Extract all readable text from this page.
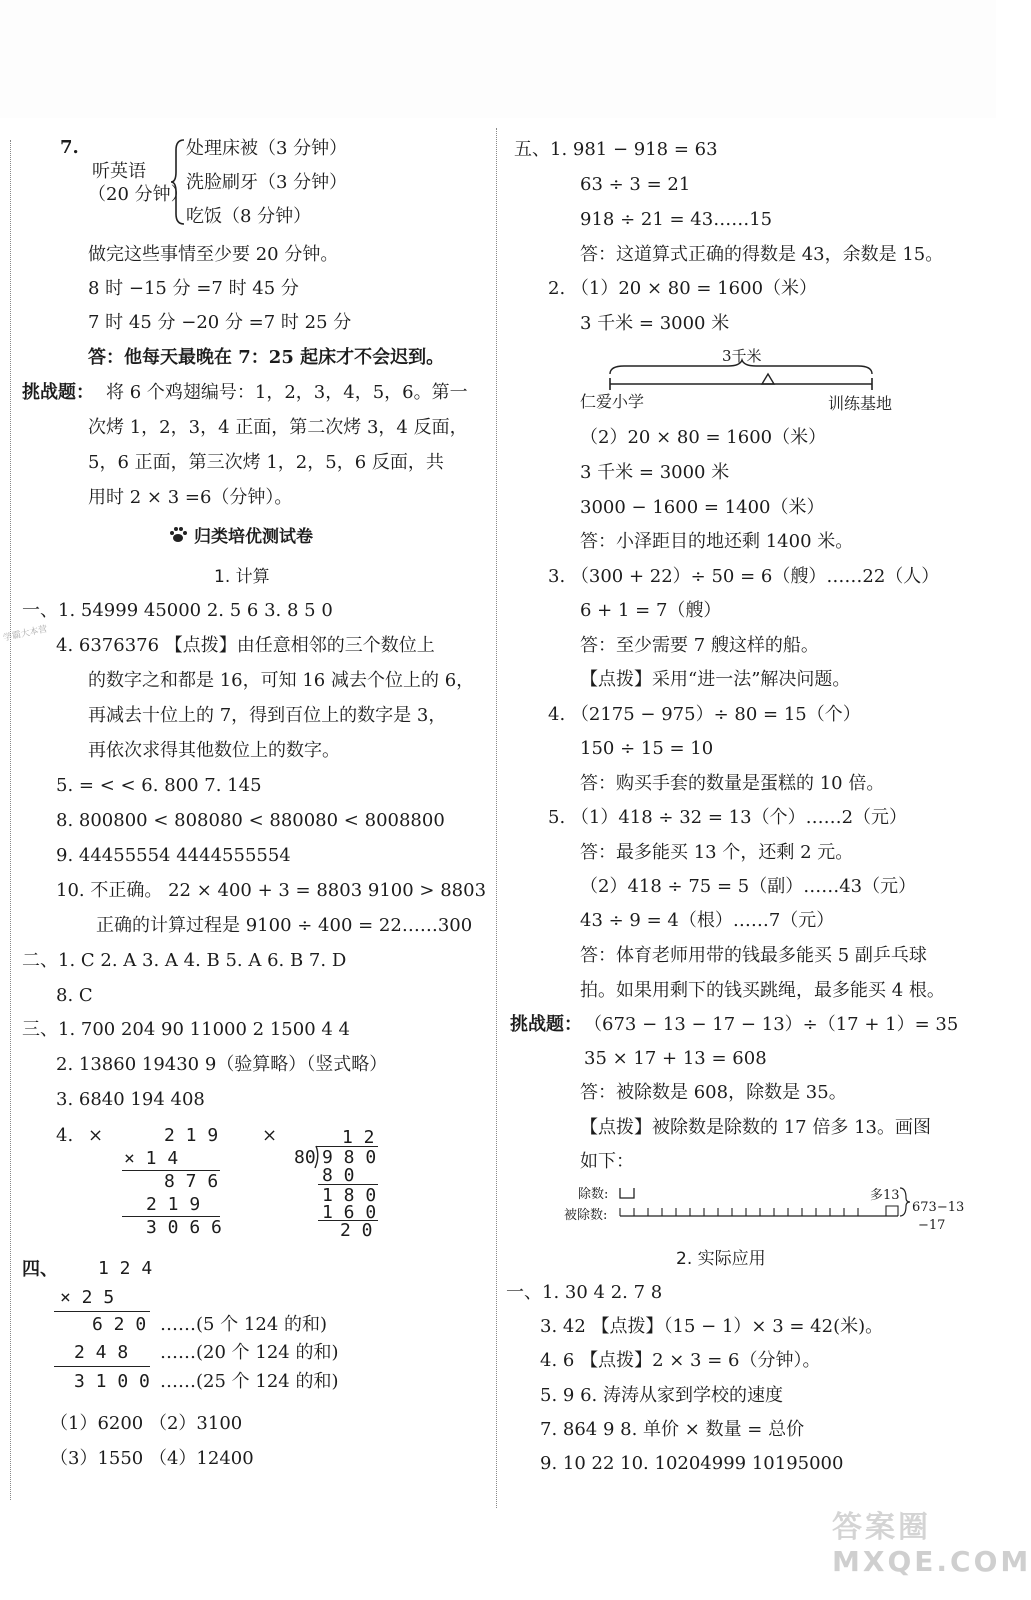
7.
听英语
（20 分钟）
处理床被（3 分钟）
洗脸刷牙（3 分钟）
吃饭（8 分钟）
做完这些事情至少要 20 分钟。
8 时 −15 分 =7 时 45 分
7 时 45 分 −20 分 =7 时 25 分
答：他每天最晚在 7：25 起床才不会迟到。
挑战题： 将 6 个鸡翅编号：1，2，3，4，5，6。第一
次烤 1，2，3，4 正面，第二次烤 3，4 反面，
5，6 正面，第三次烤 1，2，5，6 反面，共
用时 2 × 3 =6（分钟）。
归类培优测试卷
1. 计算
一、1. 54999 45000 2. 5 6 3. 8 5 0
4. 6376376 【点拨】由任意相邻的三个数位上
的数字之和都是 16，可知 16 减去个位上的 6，
再减去十位上的 7，得到百位上的数字是 3，
再依次求得其他数位上的数字。
5. = < < 6. 800 7. 145
8. 800800 < 808080 < 880080 < 8008800
9. 44455554 4444555554
10. 不正确。 22 × 400 + 3 = 8803 9100 > 8803
正确的计算过程是 9100 ÷ 400 = 22……300
二、1. C 2. A 3. A 4. B 5. A 6. B 7. D
8. C
三、1. 700 204 90 11000 2 1500 4 4
2. 13860 19430 9（验算略）（竖式略）
3. 6840 194 408
4. ×	2 1 9
× 1 4
8 7 6
2 1 9
3 0 6 6
×	1 2
80 9 8 0
8 0
1 8 0
1 6 0
2 0
四、 1 2 4
× 2 5
6 2 0 ……(5 个 124 的和)
2 4 8 ……(20 个 124 的和)
3 1 0 0 ……(25 个 124 的和)
（1）6200 （2）3100
（3）1550 （4）12400
学霸大本营
五、1. 981 − 918 = 63
63 ÷ 3 = 21
918 ÷ 21 = 43……15
答：这道算式正确的得数是 43，余数是 15。
2. （1）20 × 80 = 1600（米）
3 千米 = 3000 米
3千米
仁爱小学	训练基地
（2）20 × 80 = 1600（米）
3 千米 = 3000 米
3000 − 1600 = 1400（米）
答：小泽距目的地还剩 1400 米。
3. （300 + 22）÷ 50 = 6（艘）……22（人）
6 + 1 = 7（艘）
答：至少需要 7 艘这样的船。
【点拨】采用“进一法”解决问题。
4. （2175 − 975）÷ 80 = 15（个）
150 ÷ 15 = 10
答：购买手套的数量是蛋糕的 10 倍。
5. （1）418 ÷ 32 = 13（个）……2（元）
答：最多能买 13 个，还剩 2 元。
（2）418 ÷ 75 = 5（副）……43（元）
43 ÷ 9 = 4（根）……7（元）
答：体育老师用带的钱最多能买 5 副乒乓球
拍。如果用剩下的钱买跳绳，最多能买 4 根。
挑战题： （673 − 13 − 17 − 13）÷（17 + 1）= 35
35 × 17 + 13 = 608
答：被除数是 608，除数是 35。
【点拨】被除数是除数的 17 倍多 13。画图
如下：
除数:
被除数:
多13
673−13
−17
2. 实际应用
一、1. 30 4 2. 7 8
3. 42 【点拨】（15 − 1）× 3 = 42(米)。
4. 6 【点拨】2 × 3 = 6（分钟）。
5. 9 6. 涛涛从家到学校的速度
7. 864 9 8. 单价 × 数量 = 总价
9. 10 22 10. 10204999 10195000
答案圈
MXQE.COM
